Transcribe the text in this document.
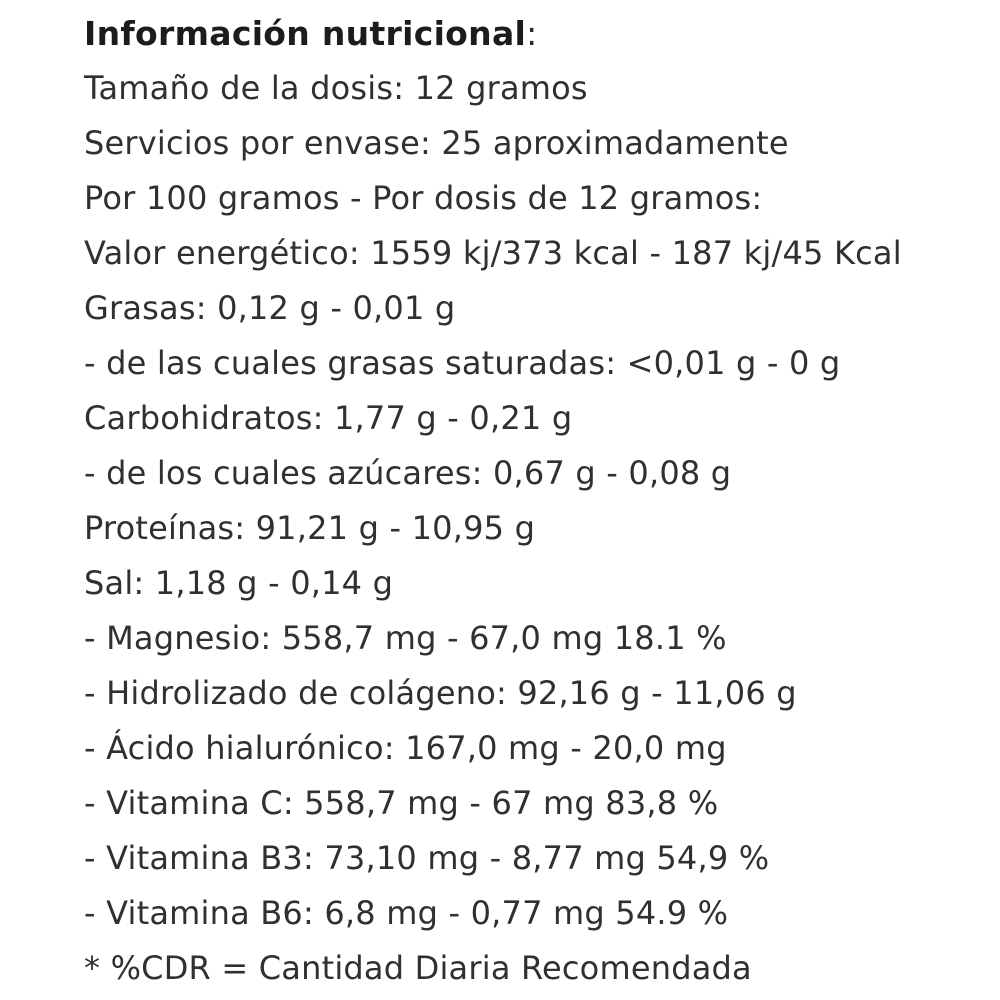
Información nutricional:
Tamaño de la dosis: 12 gramos
Servicios por envase: 25 aproximadamente
Por 100 gramos - Por dosis de 12 gramos:
Valor energético: 1559 kj/373 kcal - 187 kj/45 Kcal
Grasas: 0,12 g - 0,01 g
- de las cuales grasas saturadas: <0,01 g - 0 g
Carbohidratos: 1,77 g - 0,21 g
- de los cuales azúcares: 0,67 g - 0,08 g
Proteínas: 91,21 g - 10,95 g
Sal: 1,18 g - 0,14 g
- Magnesio: 558,7 mg - 67,0 mg 18.1 %
- Hidrolizado de colágeno: 92,16 g - 11,06 g
- Ácido hialurónico: 167,0 mg - 20,0 mg
- Vitamina C: 558,7 mg - 67 mg 83,8 %
- Vitamina B3: 73,10 mg - 8,77 mg 54,9 %
- Vitamina B6: 6,8 mg - 0,77 mg 54.9 %
* %CDR = Cantidad Diaria Recomendada
